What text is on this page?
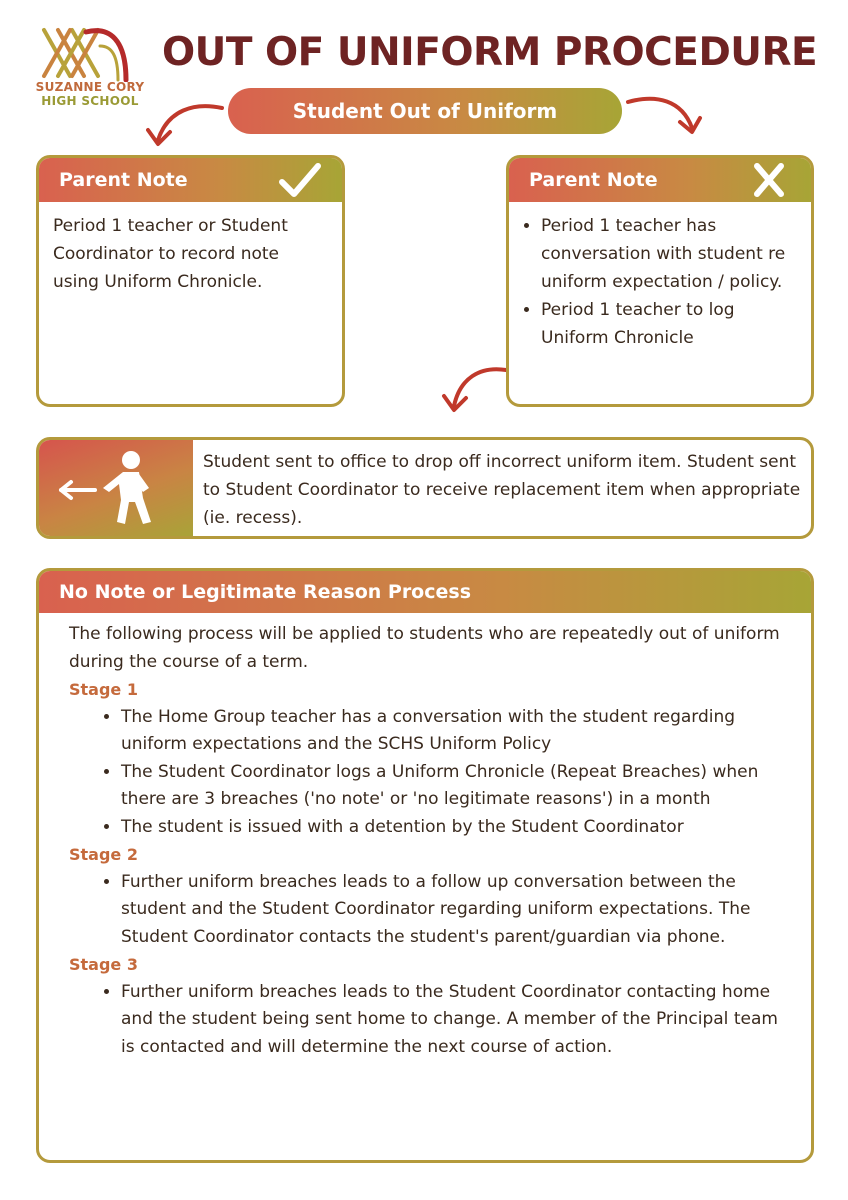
SUZANNE CORY
HIGH SCHOOL
OUT OF UNIFORM PROCEDURE
Student Out of Uniform
Parent Note
Period 1 teacher or Student Coordinator to record note using Uniform Chronicle.
Parent Note
• Period 1 teacher has conversation with student re uniform expectation / policy.
• Period 1 teacher to log Uniform Chronicle
Student sent to office to drop off incorrect uniform item. Student sent to Student Coordinator to receive replacement item when appropriate (ie. recess).
No Note or Legitimate Reason Process

The following process will be applied to students who are repeatedly out of uniform during the course of a term.

Stage 1

• The Home Group teacher has a conversation with the student regarding uniform expectations and the SCHS Uniform Policy
• The Student Coordinator logs a Uniform Chronicle (Repeat Breaches) when there are 3 breaches ('no note' or 'no legitimate reasons') in a month
• The student is issued with a detention by the Student Coordinator

Stage 2

• Further uniform breaches leads to a follow up conversation between the student and the Student Coordinator regarding uniform expectations. The Student Coordinator contacts the student's parent/guardian via phone.

Stage 3

• Further uniform breaches leads to the Student Coordinator contacting home and the student being sent home to change. A member of the Principal team is contacted and will determine the next course of action.
